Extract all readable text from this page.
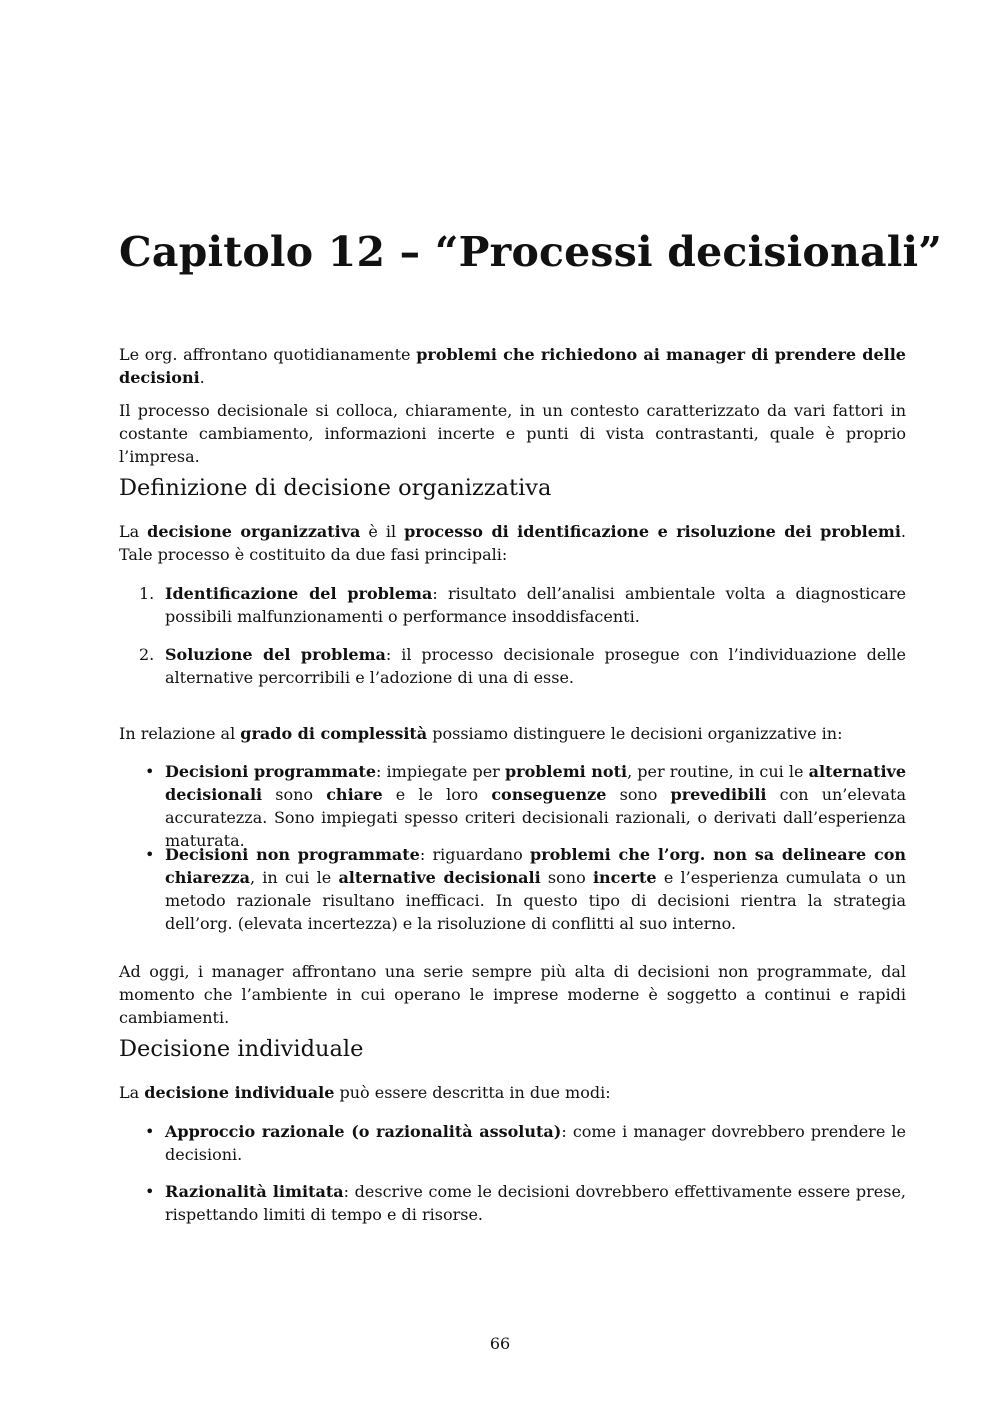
Capitolo 12 – “Processi decisionali”

Le org. affrontano quotidianamente problemi che richiedono ai manager di prendere delle decisioni.

Il processo decisionale si colloca, chiaramente, in un contesto caratterizzato da vari fattori in costante cambiamento, informazioni incerte e punti di vista contrastanti, quale è proprio l’impresa.

Definizione di decisione organizzativa

La decisione organizzativa è il processo di identificazione e risoluzione dei problemi. Tale processo è costituito da due fasi principali:

1. Identificazione del problema: risultato dell’analisi ambientale volta a diagnosticare possibili malfunzionamenti o performance insoddisfacenti.
2. Soluzione del problema: il processo decisionale prosegue con l’individuazione delle alternative percorribili e l’adozione di una di esse.

In relazione al grado di complessità possiamo distinguere le decisioni organizzative in:

• Decisioni programmate: impiegate per problemi noti, per routine, in cui le alternative decisionali sono chiare e le loro conseguenze sono prevedibili con un’elevata accuratezza. Sono impiegati spesso criteri decisionali razionali, o derivati dall’esperienza maturata.
• Decisioni non programmate: riguardano problemi che l’org. non sa delineare con chiarezza, in cui le alternative decisionali sono incerte e l’esperienza cumulata o un metodo razionale risultano inefficaci. In questo tipo di decisioni rientra la strategia dell’org. (elevata incertezza) e la risoluzione di conflitti al suo interno.

Ad oggi, i manager affrontano una serie sempre più alta di decisioni non programmate, dal momento che l’ambiente in cui operano le imprese moderne è soggetto a continui e rapidi cambiamenti.

Decisione individuale

La decisione individuale può essere descritta in due modi:

• Approccio razionale (o razionalità assoluta): come i manager dovrebbero prendere le decisioni.
• Razionalità limitata: descrive come le decisioni dovrebbero effettivamente essere prese, rispettando limiti di tempo e di risorse.
66
